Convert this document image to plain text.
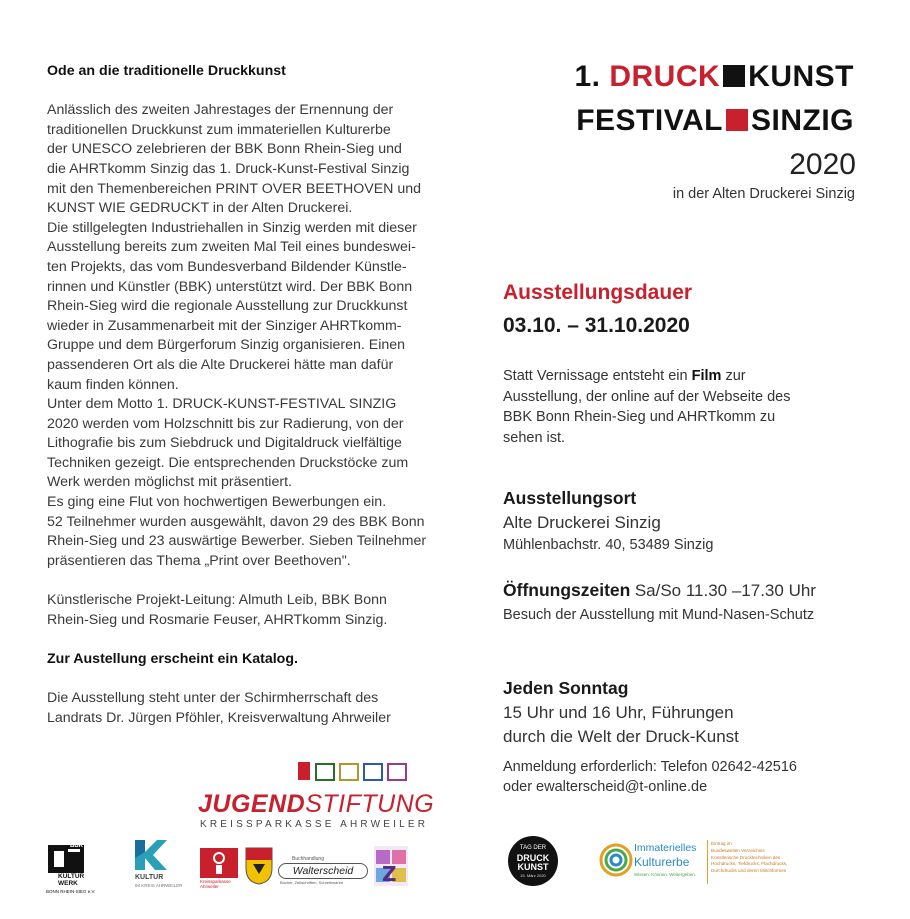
Ode an die traditionelle Druckkunst

Anlässlich des zweiten Jahrestages der Ernennung der
traditionellen Druckkunst zum immateriellen Kulturerbe
der UNESCO zelebrieren der BBK Bonn Rhein-Sieg und
die AHRTkomm Sinzig das 1. Druck-Kunst-Festival Sinzig
mit den Themenbereichen PRINT OVER BEETHOVEN und
KUNST WIE GEDRUCKT in der Alten Druckerei.
Die stillgelegten Industriehallen in Sinzig werden mit dieser
Ausstellung bereits zum zweiten Mal Teil eines bundeswei-
ten Projekts, das vom Bundesverband Bildender Künstle-
rinnen und Künstler (BBK) unterstützt wird. Der BBK Bonn
Rhein-Sieg wird die regionale Ausstellung zur Druckkunst
wieder in Zusammenarbeit mit der Sinziger AHRTkomm-
Gruppe und dem Bürgerforum Sinzig organisieren. Einen
passenderen Ort als die Alte Druckerei hätte man dafür
kaum finden können.
Unter dem Motto 1. DRUCK-KUNST-FESTIVAL SINZIG
2020 werden vom Holzschnitt bis zur Radierung, von der
Lithografie bis zum Siebdruck und Digitaldruck vielfältige
Techniken gezeigt. Die entsprechenden Druckstöcke zum
Werk werden möglichst mit präsentiert.
Es ging eine Flut von hochwertigen Bewerbungen ein.
52 Teilnehmer wurden ausgewählt, davon 29 des BBK Bonn
Rhein-Sieg und 23 auswärtige Bewerber. Sieben Teilnehmer
präsentieren das Thema „Print over Beethoven".
Künstlerische Projekt-Leitung: Almuth Leib, BBK Bonn
Rhein-Sieg und Rosmarie Feuser, AHRTkomm Sinzig.

Zur Austellung erscheint ein Katalog.

Die Ausstellung steht unter der Schirmherrschaft des
Landrats Dr. Jürgen Pföhler, Kreisverwaltung Ahrweiler
1. DRUCK KUNST
FESTIVAL SINZIG
2020
in der Alten Druckerei Sinzig
Ausstellungsdauer
03.10. – 31.10.2020
Statt Vernissage entsteht ein Film zur
Ausstellung, der online auf der Webseite des
BBK Bonn Rhein-Sieg und AHRTkomm zu
sehen ist.
Ausstellungsort
Alte Druckerei Sinzig
Mühlenbachstr. 40, 53489 Sinzig
Öffnungszeiten Sa/So 11.30 –17.30 Uhr
Besuch der Ausstellung mit Mund-Nasen-Schutz
Jeden Sonntag
15 Uhr und 16 Uhr, Führungen
durch die Welt der Druck-Kunst
Anmeldung erforderlich: Telefon 02642-42516
oder ewalterscheid@t-online.de
JUGENDSTIFTUNG
KREISSPARKASSE AHRWEILER
BBK
KULTUR WERK
BONN RHEIN-SIEG e.V.
KULTUR
IM KREIS AHRWEILER
Kreissparkasse Ahrweiler
Buchhandlung
Walterscheid
Bücher, Zeitschriften, Schreibwaren Z
TAG DER
DRUCK
KUNST
15. März 2020
Immaterielles
Kulturerbe
Wissen. Können. Weitergeben.
Eintrag im
Bundesweiten Verzeichnis
Künstlerische Drucktechniken des
Hochdrucks, Tiefdrucks, Flachdrucks,
Durchdrucks und deren Mischformen
